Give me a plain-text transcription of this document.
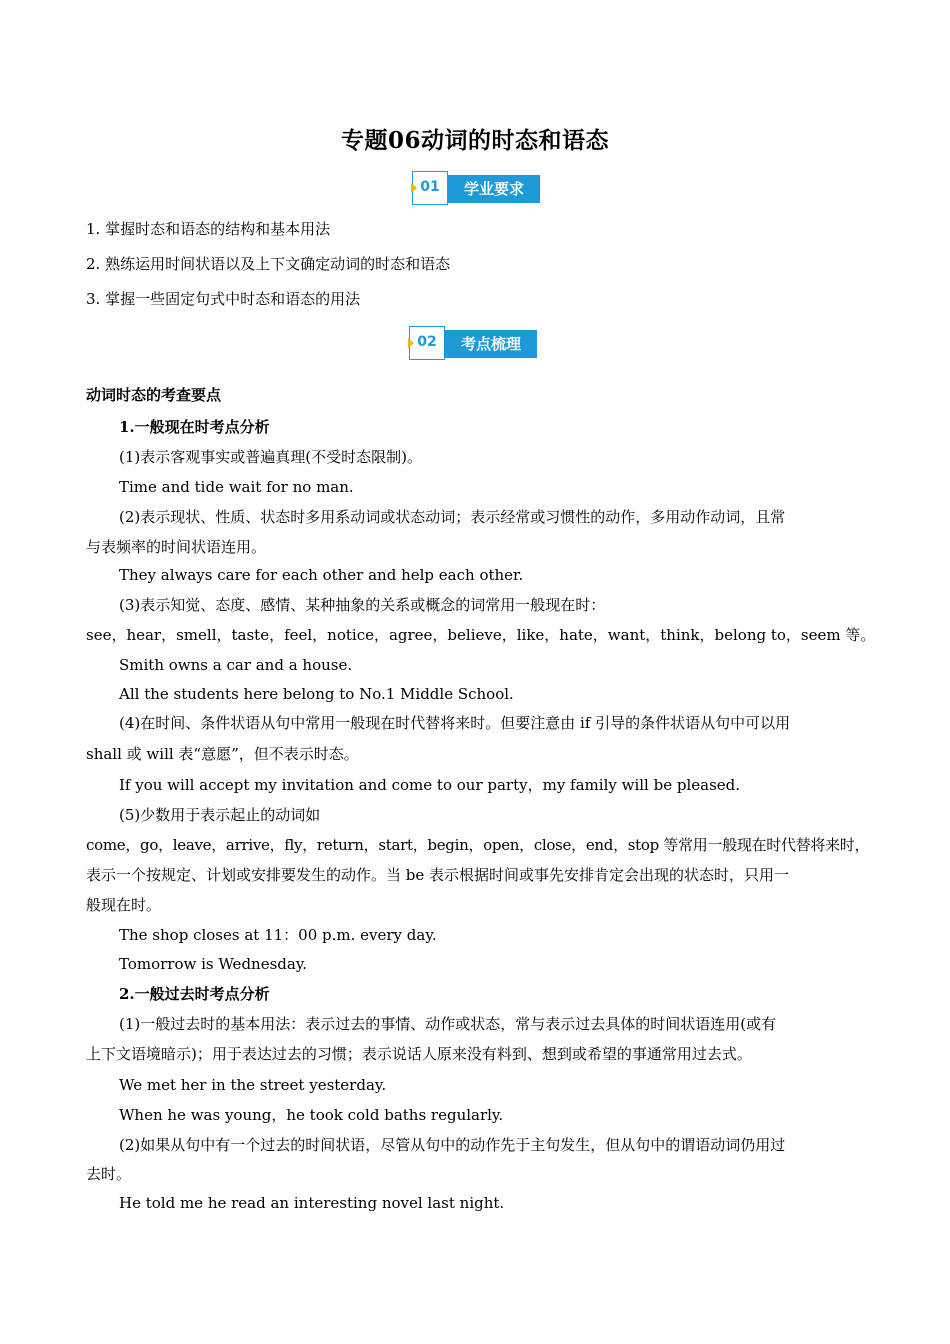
专题06动词的时态和语态
01	学业要求
1. 掌握时态和语态的结构和基本用法
2. 熟练运用时间状语以及上下文确定动词的时态和语态
3. 掌握一些固定句式中时态和语态的用法
02	考点梳理
动词时态的考查要点
1.一般现在时考点分析
(1)表示客观事实或普遍真理(不受时态限制)。
Time and tide wait for no man.
(2)表示现状、性质、状态时多用系动词或状态动词；表示经常或习惯性的动作，多用动作动词，且常
与表频率的时间状语连用。
They always care for each other and help each other.
(3)表示知觉、态度、感情、某种抽象的关系或概念的词常用一般现在时：
see，hear，smell，taste，feel，notice，agree，believe，like，hate，want，think，belong to，seem 等。
Smith owns a car and a house.
All the students here belong to No.1 Middle School.
(4)在时间、条件状语从句中常用一般现在时代替将来时。但要注意由 if 引导的条件状语从句中可以用
shall 或 will 表“意愿”，但不表示时态。
If you will accept my invitation and come to our party，my family will be pleased.
(5)少数用于表示起止的动词如
come，go，leave，arrive，fly，return，start，begin，open，close，end，stop 等常用一般现在时代替将来时，
表示一个按规定、计划或安排要发生的动作。当 be 表示根据时间或事先安排肯定会出现的状态时，只用一
般现在时。
The shop closes at 11：00 p.m. every day.
Tomorrow is Wednesday.
2.一般过去时考点分析
(1)一般过去时的基本用法：表示过去的事情、动作或状态，常与表示过去具体的时间状语连用(或有
上下文语境暗示)；用于表达过去的习惯；表示说话人原来没有料到、想到或希望的事通常用过去式。
We met her in the street yesterday.
When he was young，he took cold baths regularly.
(2)如果从句中有一个过去的时间状语，尽管从句中的动作先于主句发生，但从句中的谓语动词仍用过
去时。
He told me he read an interesting novel last night.
